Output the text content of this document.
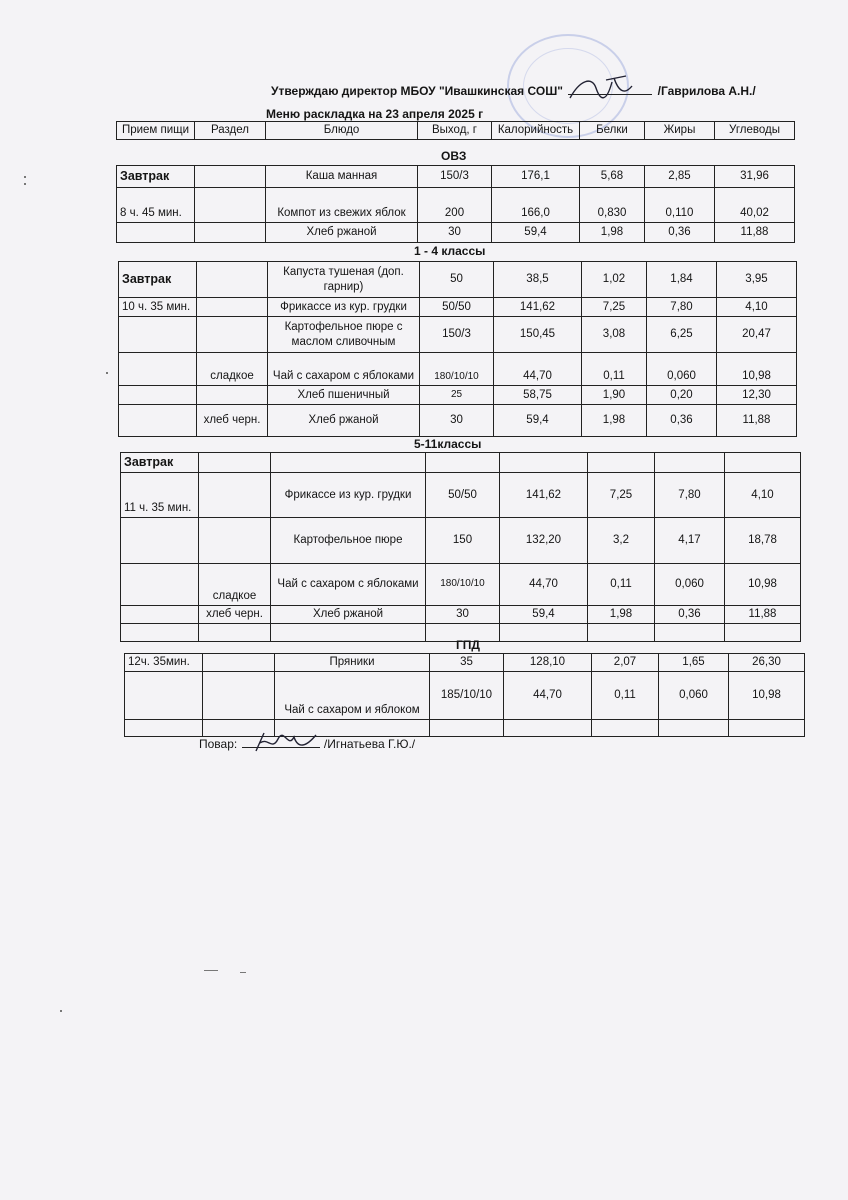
Утверждаю директор МБОУ "Ивашкинская СОШ"	/Гаврилова А.Н./
Меню раскладка на 23 апреля 2025 г
Прием пищи	Раздел	Блюдо	Выход, г	Калорийность	Белки	Жиры	Углеводы
ОВЗ
Завтрак		Каша манная	150/3	176,1	5,68	2,85	31,96
8 ч. 45 мин.		Компот из свежих яблок	200	166,0	0,830	0,110	40,02
		Хлеб ржаной	30	59,4	1,98	0,36	11,88
1 - 4 классы
Завтрак		Капуста тушеная (доп. гарнир)	50	38,5	1,02	1,84	3,95
10 ч. 35 мин.		Фрикассе из кур. грудки	50/50	141,62	7,25	7,80	4,10
		Картофельное пюре с маслом сливочным	150/3	150,45	3,08	6,25	20,47
	сладкое	Чай с сахаром с яблоками	180/10/10	44,70	0,11	0,060	10,98
		Хлеб пшеничный	25	58,75	1,90	0,20	12,30
	хлеб черн.	Хлеб ржаной	30	59,4	1,98	0,36	11,88
5-11классы
Завтрак							
11 ч. 35 мин.		Фрикассе из кур. грудки	50/50	141,62	7,25	7,80	4,10
		Картофельное пюре	150	132,20	3,2	4,17	18,78
	сладкое	Чай с сахаром с яблоками	180/10/10	44,70	0,11	0,060	10,98
	хлеб черн.	Хлеб ржаной	30	59,4	1,98	0,36	11,88

ГПД
12ч. 35мин.		Пряники	35	128,10	2,07	1,65	26,30
		Чай с сахаром и яблоком	185/10/10	44,70	0,11	0,060	10,98

Повар:	/Игнатьева Г.Ю./
